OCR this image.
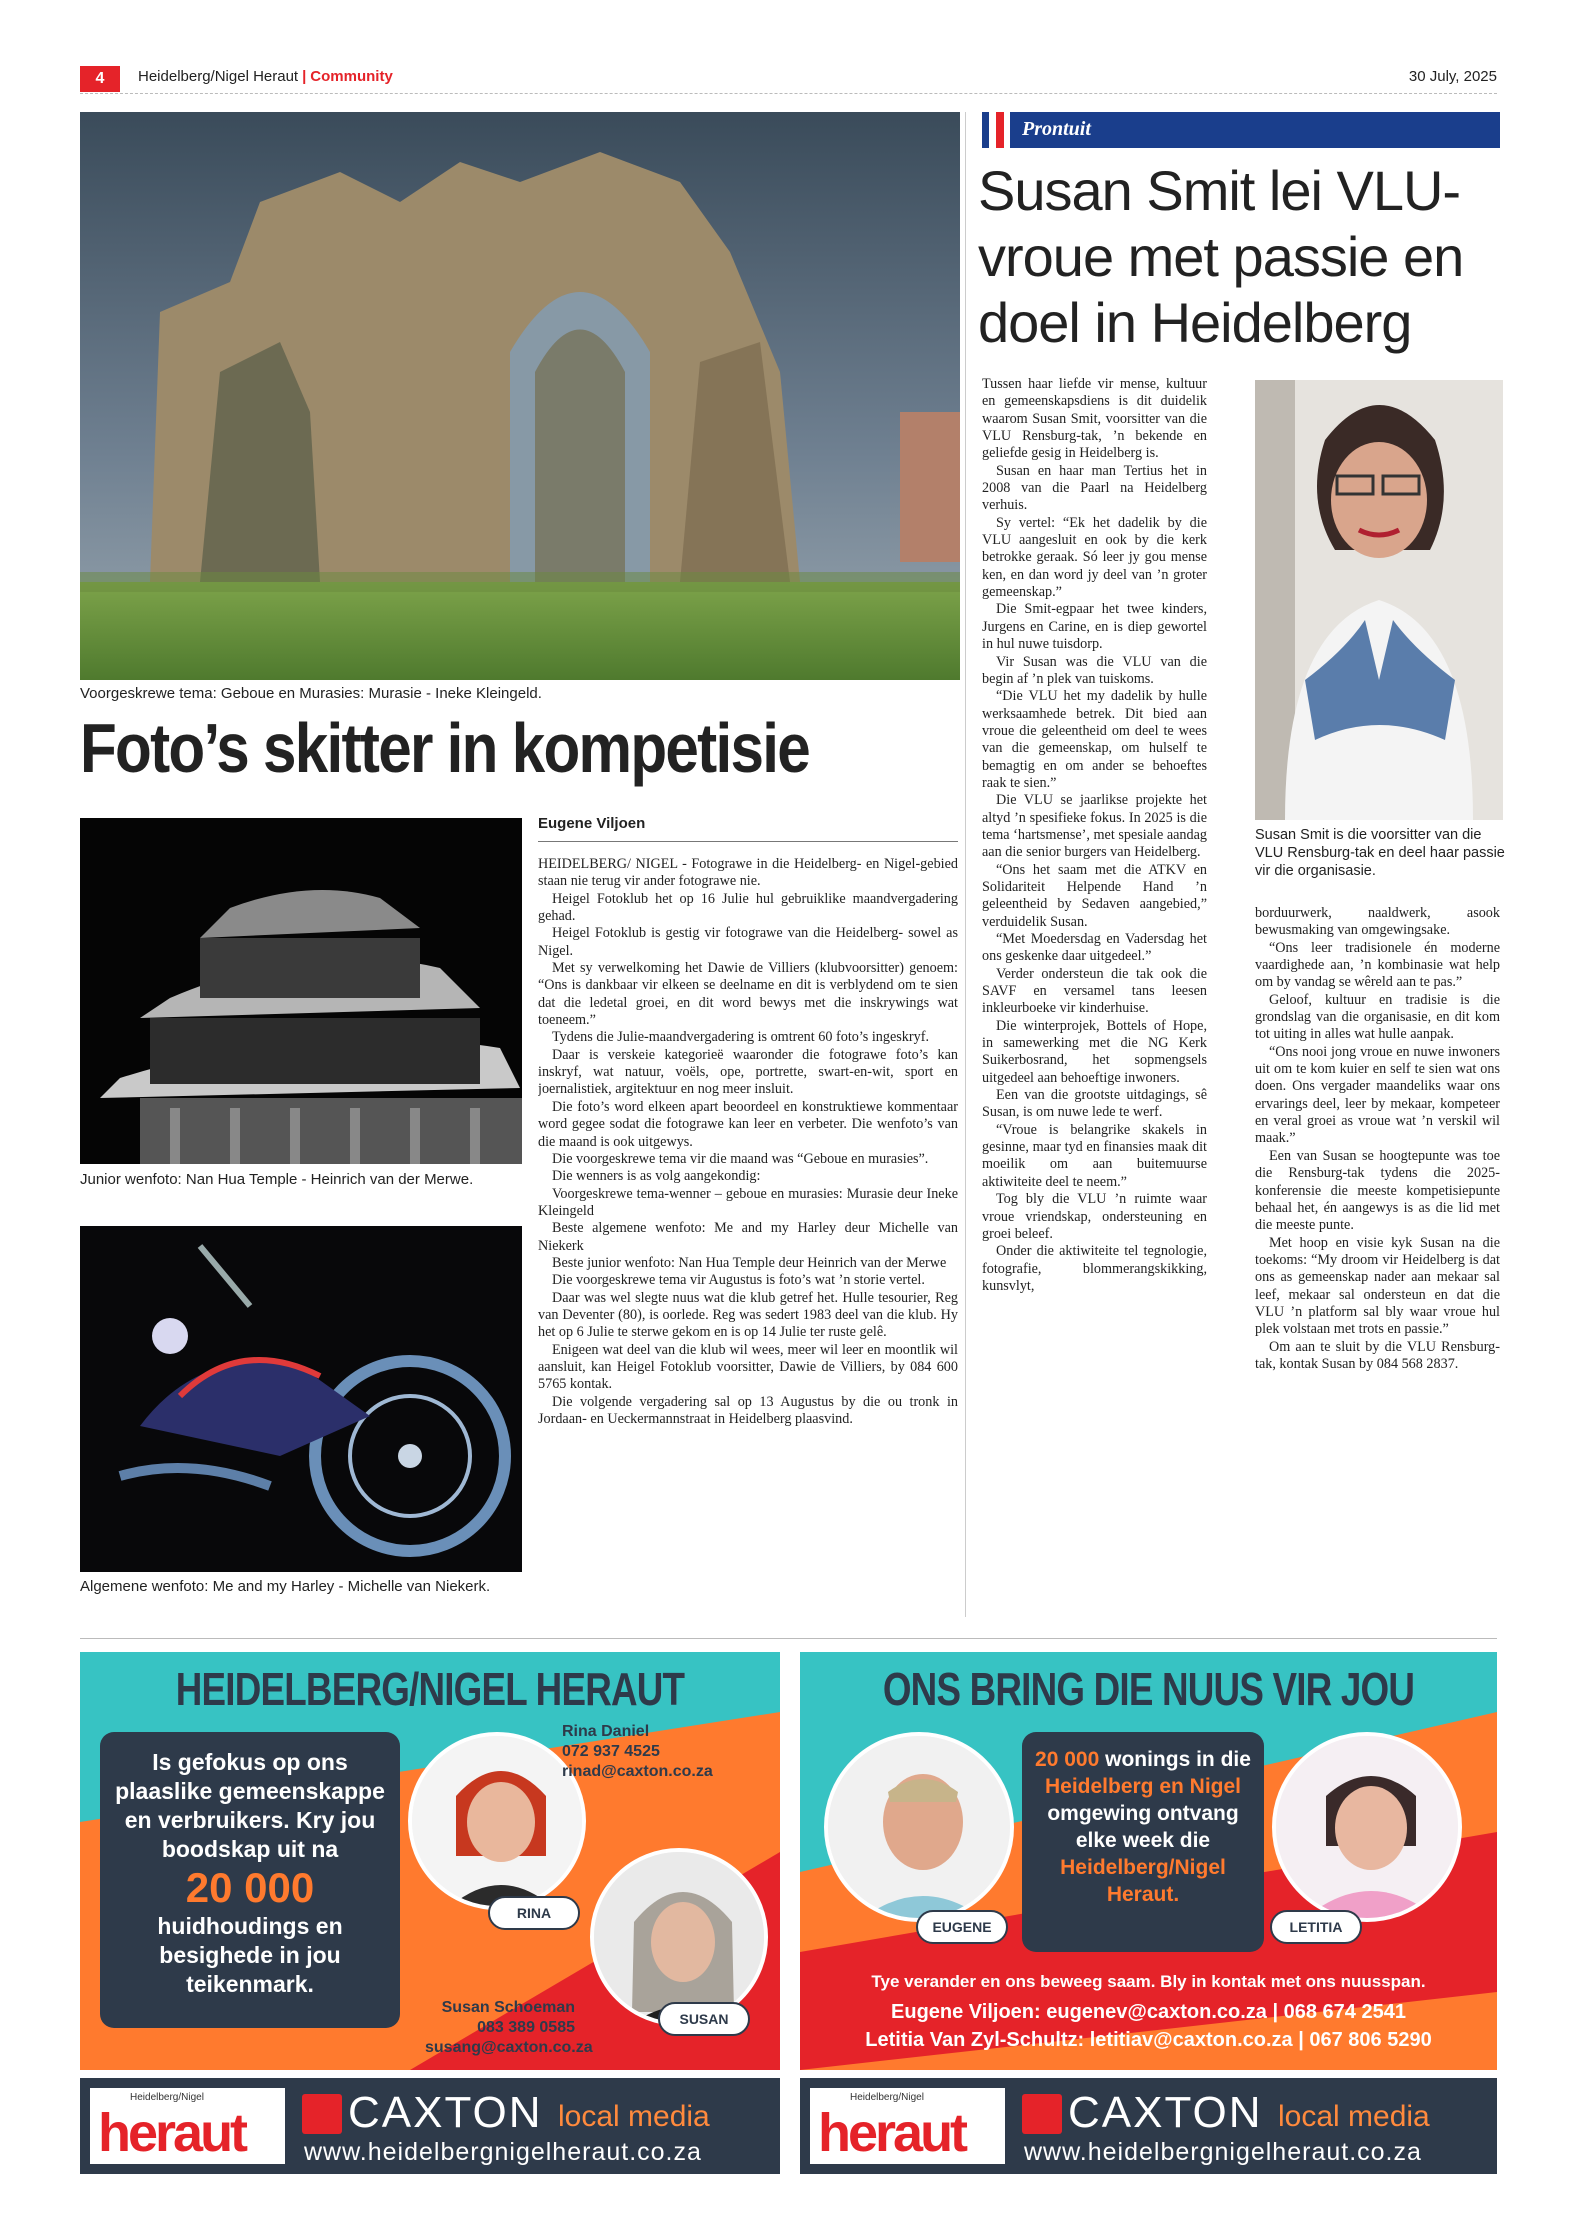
4	Heidelberg/Nigel Heraut | Community	30 July, 2025
Voorgeskrewe tema: Geboue en Murasies: Murasie - Ineke Kleingeld.
Foto’s skitter in kompetisie
Junior wenfoto: Nan Hua Temple - Heinrich van der Merwe.
Algemene wenfoto: Me and my Harley - Michelle van Niekerk.
Eugene Viljoen

HEIDELBERG/ NIGEL - Fotograwe in die Heidelberg- en Nigel-gebied staan nie terug vir ander fotograwe nie.

Heigel Fotoklub het op 16 Julie hul gebruiklike maandvergadering gehad.

Heigel Fotoklub is gestig vir fotograwe van die Heidelberg- sowel as Nigel.

Met sy verwelkoming het Dawie de Villiers (klubvoorsitter) genoem: “Ons is dankbaar vir elkeen se deelname en dit is verblydend om te sien dat die ledetal groei, en dit word bewys met die inskrywings wat toeneem.”

Tydens die Julie-maandvergadering is omtrent 60 foto’s ingeskryf.

Daar is verskeie kategorieë waaronder die fotograwe foto’s kan inskryf, wat natuur, voëls, ope, portrette, swart-en-wit, sport en joernalistiek, argitektuur en nog meer insluit.

Die foto’s word elkeen apart beoordeel en konstruktiewe kommentaar word gegee sodat die fotograwe kan leer en verbeter. Die wenfoto’s van die maand is ook uitgewys.

Die voorgeskrewe tema vir die maand was “Geboue en murasies”.

Die wenners is as volg aangekondig:

Voorgeskrewe tema-wenner – geboue en murasies: Murasie deur Ineke Kleingeld

Beste algemene wenfoto: Me and my Harley deur Michelle van Niekerk

Beste junior wenfoto: Nan Hua Temple deur Heinrich van der Merwe

Die voorgeskrewe tema vir Augustus is foto’s wat ’n storie vertel.

Daar was wel slegte nuus wat die klub getref het. Hulle tesourier, Reg van Deventer (80), is oorlede. Reg was sedert 1983 deel van die klub. Hy het op 6 Julie te sterwe gekom en is op 14 Julie ter ruste gelê.

Enigeen wat deel van die klub wil wees, meer wil leer en moontlik wil aansluit, kan Heigel Fotoklub voorsitter, Dawie de Villiers, by 084 600 5765 kontak.

Die volgende vergadering sal op 13 Augustus by die ou tronk in Jordaan- en Ueckermannstraat in Heidelberg plaasvind.

Prontuit
Susan Smit lei VLU-vroue met passie en doel in Heidelberg
Susan Smit is die voorsitter van die VLU Rensburg-tak en deel haar passie vir die organisasie.

Tussen haar liefde vir mense, kultuur en gemeenskapsdiens is dit duidelik waarom Susan Smit, voorsitter van die VLU Rensburg-tak, ’n bekende en geliefde gesig in Heidelberg is.

Susan en haar man Tertius het in 2008 van die Paarl na Heidelberg verhuis.

Sy vertel: “Ek het dadelik by die VLU aangesluit en ook by die kerk betrokke geraak. Só leer jy gou mense ken, en dan word jy deel van ’n groter gemeenskap.”

Die Smit-egpaar het twee kinders, Jurgens en Carine, en is diep gewortel in hul nuwe tuisdorp.

Vir Susan was die VLU van die begin af ’n plek van tuiskoms.

“Die VLU het my dadelik by hulle werksaamhede betrek. Dit bied aan vroue die geleentheid om deel te wees van die gemeenskap, om hulself te bemagtig en om ander se behoeftes raak te sien.”

Die VLU se jaarlikse projekte het altyd ’n spesifieke fokus. In 2025 is die tema ‘hartsmense’, met spesiale aandag aan die senior burgers van Heidelberg.

“Ons het saam met die ATKV en Solidariteit Helpende Hand ’n geleentheid by Sedaven aangebied,” verduidelik Susan.

“Met Moedersdag en Vadersdag het ons geskenke daar uitgedeel.”

Verder ondersteun die tak ook die SAVF en versamel tans leesen inkleurboeke vir kinderhuise.

Die winterprojek, Bottels of Hope, in samewerking met die NG Kerk Suikerbosrand, het sopmengsels uitgedeel aan behoeftige inwoners.

Een van die grootste uitdagings, sê Susan, is om nuwe lede te werf.

“Vroue is belangrike skakels in gesinne, maar tyd en finansies maak dit moeilik om aan buitemuurse aktiwiteite deel te neem.”

Tog bly die VLU ’n ruimte waar vroue vriendskap, ondersteuning en groei beleef.

Onder die aktiwiteite tel tegnologie, fotografie, blommerangskikking, kunsvlyt,

borduurwerk, naaldwerk, asook bewusmaking van omgewingsake.

“Ons leer tradisionele én moderne vaardighede aan, ’n kombinasie wat help om by vandag se wêreld aan te pas.”

Geloof, kultuur en tradisie is die grondslag van die organisasie, en dit kom tot uiting in alles wat hulle aanpak.

“Ons nooi jong vroue en nuwe inwoners uit om te kom kuier en self te sien wat ons doen. Ons vergader maandeliks waar ons ervarings deel, leer by mekaar, kompeteer en veral groei as vroue wat ’n verskil wil maak.”

Een van Susan se hoogtepunte was toe die Rensburg-tak tydens die 2025-konferensie die meeste kompetisiepunte behaal het, én aangewys is as die lid met die meeste punte.

Met hoop en visie kyk Susan na die toekoms: “My droom vir Heidelberg is dat ons as gemeenskap nader aan mekaar sal leef, mekaar sal ondersteun en dat die VLU ’n platform sal bly waar vroue hul plek volstaan met trots en passie.”

Om aan te sluit by die VLU Rensburg-tak, kontak Susan by 084 568 2837.

HEIDELBERG/NIGEL HERAUT
Is gefokus op ons plaaslike gemeenskappe en verbruikers. Kry jou boodskap uit na
20 000
huidhoudings en besighede in jou teikenmark.
RINA
Rina Daniel
072 937 4525
rinad@caxton.co.za
SUSAN
Susan Schoeman
083 389 0585
susang@caxton.co.za
ONS BRING DIE NUUS VIR JOU
EUGENE
20 000 wonings in die Heidelberg en Nigel omgewing ontvang elke week die Heidelberg/Nigel Heraut.
LETITIA
Tye verander en ons beweeg saam. Bly in kontak met ons nuusspan.
Eugene Viljoen: eugenev@caxton.co.za | 068 674 2541
Letitia Van Zyl-Schultz: letitiav@caxton.co.za | 067 806 5290
Heidelberg/Nigel
heraut CAXTON local media
www.heidelbergnigelheraut.co.za
Heidelberg/Nigel
heraut CAXTON local media
www.heidelbergnigelheraut.co.za
